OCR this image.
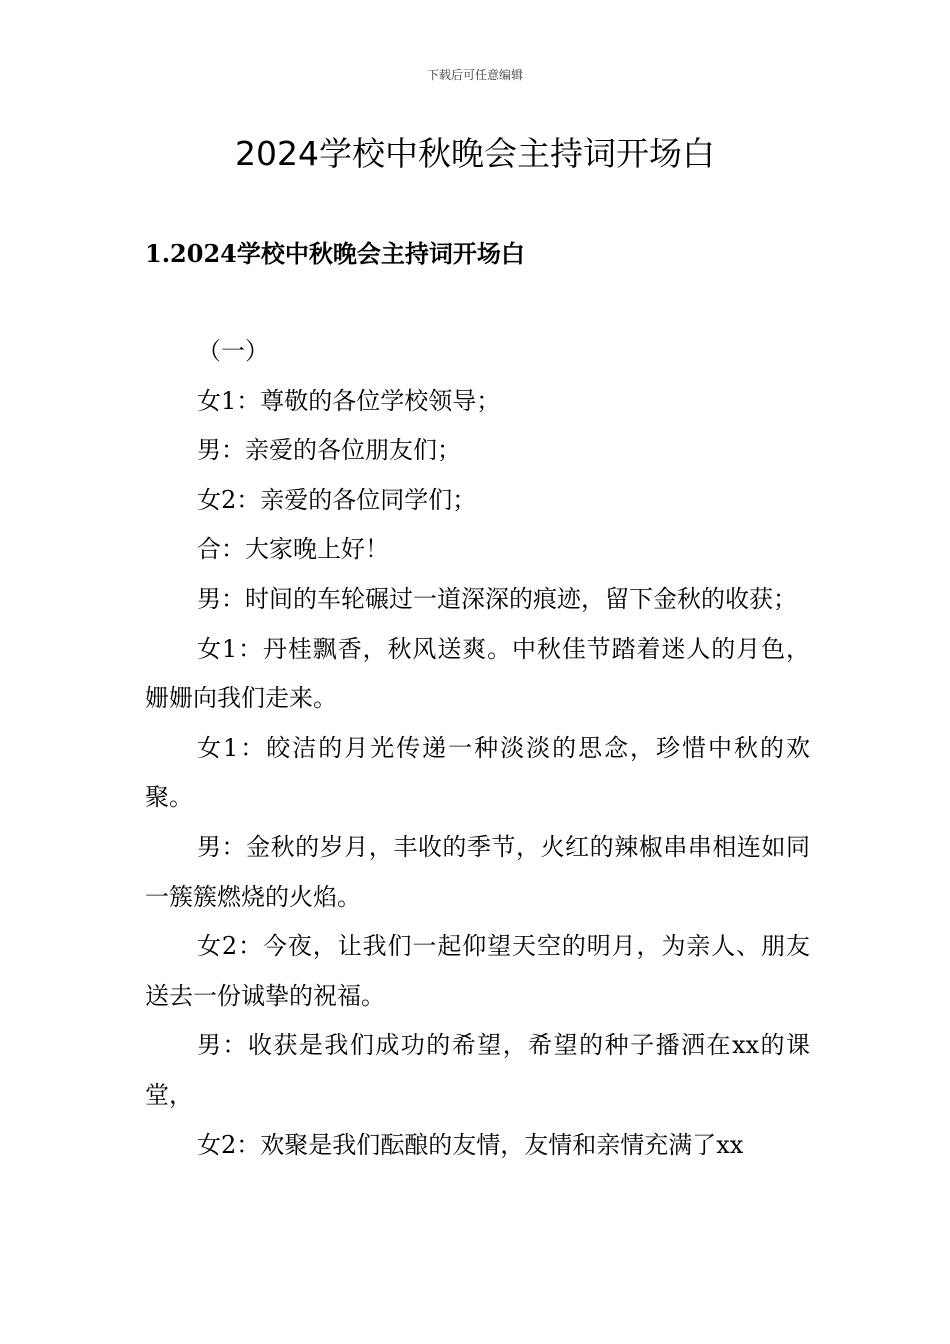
下载后可任意编辑
2024学校中秋晚会主持词开场白
1.2024学校中秋晚会主持词开场白

（一）

女1：尊敬的各位学校领导；

男：亲爱的各位朋友们；

女2：亲爱的各位同学们；

合：大家晚上好！

男：时间的车轮碾过一道深深的痕迹，留下金秋的收获；

女1：丹桂飘香，秋风送爽。中秋佳节踏着迷人的月色，姗姗向我们走来。

女1：皎洁的月光传递一种淡淡的思念，珍惜中秋的欢聚。

男：金秋的岁月，丰收的季节，火红的辣椒串串相连如同一簇簇燃烧的火焰。

女2：今夜，让我们一起仰望天空的明月，为亲人、朋友送去一份诚挚的祝福。

男：收获是我们成功的希望，希望的种子播洒在xx的课堂，

女2：欢聚是我们酝酿的友情，友情和亲情充满了xx
